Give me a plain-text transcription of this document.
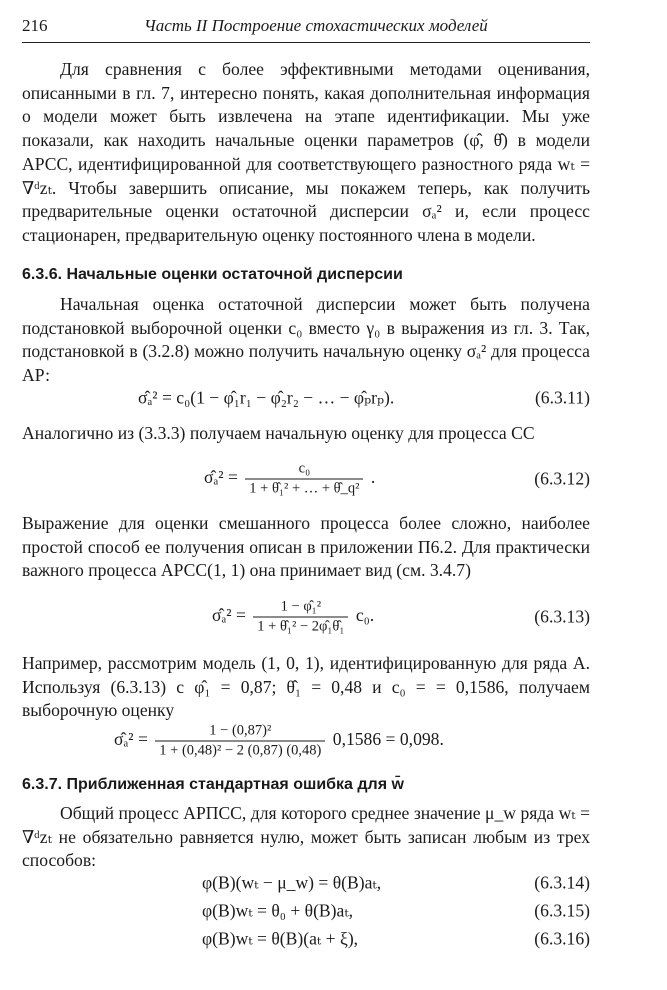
216	Часть II Построение стохастических моделей

Для сравнения с более эффективными методами оценивания, описанными в гл. 7, интересно понять, какая дополнительная информация о модели может быть извлечена на этапе идентификации. Мы уже показали, как находить начальные оценки параметров (φ̂, θ̂) в модели АРСС, идентифицированной для соответствующего разностного ряда wₜ = ∇ᵈzₜ. Чтобы завершить описание, мы покажем теперь, как получить предварительные оценки остаточной дисперсии σₐ² и, если процесс стационарен, предварительную оценку постоянного члена в модели.

6.3.6. Начальные оценки остаточной дисперсии

Начальная оценка остаточной дисперсии может быть получена подстановкой выборочной оценки c₀ вместо γ₀ в выражения из гл. 3. Так, подстановкой в (3.2.8) можно получить начальную оценку σₐ² для процесса АР:

σ̂ₐ² = c₀(1 − φ̂₁r₁ − φ̂₂r₂ − … − φ̂ₚrₚ).	(6.3.11)

Аналогично из (3.3.3) получаем начальную оценку для процесса СС

σ̂ₐ² = $\frac{\text{c₀}}{\text{1 + θ̂₁² + … + θ̂\_q²}}$ .	(6.3.12)

Выражение для оценки смешанного процесса более сложно, наиболее простой способ ее получения описан в приложении П6.2. Для практически важного процесса АРСС(1, 1) она принимает вид (см. 3.4.7)

σ̂ₐ² = $\frac{\text{1 − φ̂₁²}}{\text{1 + θ̂₁² − 2φ̂₁θ̂₁}} c_0$.	(6.3.13)

Например, рассмотрим модель (1, 0, 1), идентифицированную для ряда А. Используя (6.3.13) с φ̂₁ = 0,87; θ̂₁ = 0,48 и c₀ = = 0,1586, получаем выборочную оценку

σ̂ₐ² = $\frac{\text{1 − (0,87)²}}{\text{1 + (0,48)² − 2 (0,87) (0,48)}} 0,1586 = 0,098$.

6.3.7. Приближенная стандартная ошибка для w̄

Общий процесс АРПСС, для которого среднее значение μ_w ряда wₜ = ∇ᵈzₜ не обязательно равняется нулю, может быть записан любым из трех способов:

φ(B)(wₜ − μ_w) = θ(B)aₜ,	(6.3.14)
φ(B)wₜ = θ₀ + θ(B)aₜ,	(6.3.15)
φ(B)wₜ = θ(B)(aₜ + ξ),	(6.3.16)
